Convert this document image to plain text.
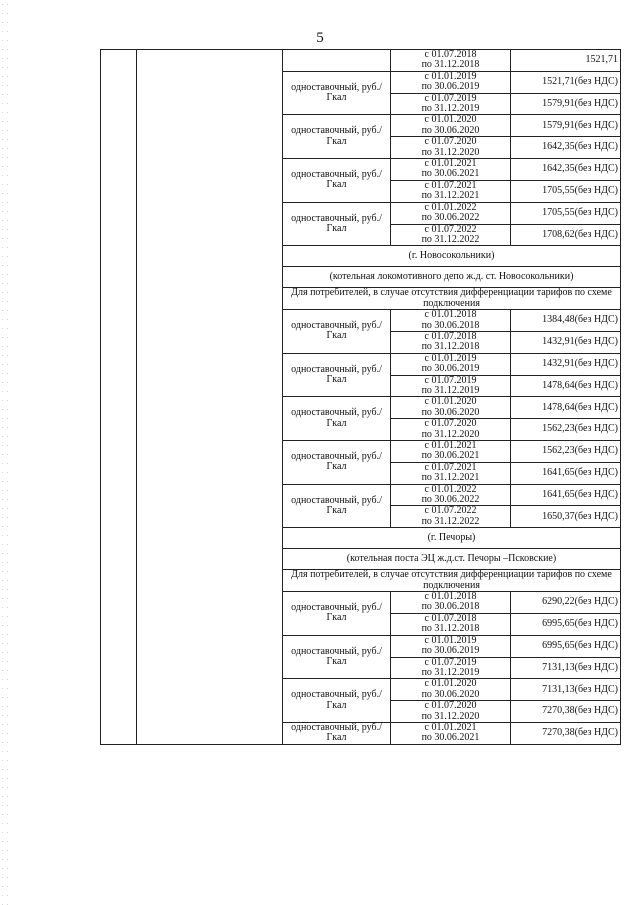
5

			с 01.07.2018
по 31.12.2018	1521,71
		одноставочный, руб./Гкал	с 01.01.2019
по 30.06.2019	1521,71(без НДС)

			с 01.07.2019
по 31.12.2019	1579,91(без НДС)
		одноставочный, руб./Гкал	с 01.01.2020
по 30.06.2020	1579,91(без НДС)

			с 01.07.2020
по 31.12.2020	1642,35(без НДС)
		одноставочный, руб./Гкал	с 01.01.2021
по 30.06.2021	1642,35(без НДС)

			с 01.07.2021
по 31.12.2021	1705,55(без НДС)
		одноставочный, руб./Гкал	с 01.01.2022
по 30.06.2022	1705,55(без НДС)

			с 01.07.2022
по 31.12.2022	1708,62(без НДС)
		(г. Новосокольники)		
		(котельная локомотивного депо ж.д. ст. Новосокольники)		
		Для потребителей, в случае отсутствия дифференциации тарифов по схеме подключения		
		одноставочный, руб./Гкал	с 01.01.2018
по 30.06.2018	1384,48(без НДС)

			с 01.07.2018
по 31.12.2018	1432,91(без НДС)
		одноставочный, руб./Гкал	с 01.01.2019
по 30.06.2019	1432,91(без НДС)

			с 01.07.2019
по 31.12.2019	1478,64(без НДС)
		одноставочный, руб./Гкал	с 01.01.2020
по 30.06.2020	1478,64(без НДС)

			с 01.07.2020
по 31.12.2020	1562,23(без НДС)
		одноставочный, руб./Гкал	с 01.01.2021
по 30.06.2021	1562,23(без НДС)

			с 01.07.2021
по 31.12.2021	1641,65(без НДС)
		одноставочный, руб./Гкал	с 01.01.2022
по 30.06.2022	1641,65(без НДС)

			с 01.07.2022
по 31.12.2022	1650,37(без НДС)
		(г. Печоры)		
		(котельная поста ЭЦ ж.д.ст. Печоры –Псковские)		
		Для потребителей, в случае отсутствия дифференциации тарифов по схеме подключения		
		одноставочный, руб./Гкал	с 01.01.2018
по 30.06.2018	6290,22(без НДС)

			с 01.07.2018
по 31.12.2018	6995,65(без НДС)
		одноставочный, руб./Гкал	с 01.01.2019
по 30.06.2019	6995,65(без НДС)

			с 01.07.2019
по 31.12.2019	7131,13(без НДС)
		одноставочный, руб./Гкал	с 01.01.2020
по 30.06.2020	7131,13(без НДС)

			с 01.07.2020
по 31.12.2020	7270,38(без НДС)
		одноставочный, руб./Гкал	с 01.01.2021
по 30.06.2021	7270,38(без НДС)
